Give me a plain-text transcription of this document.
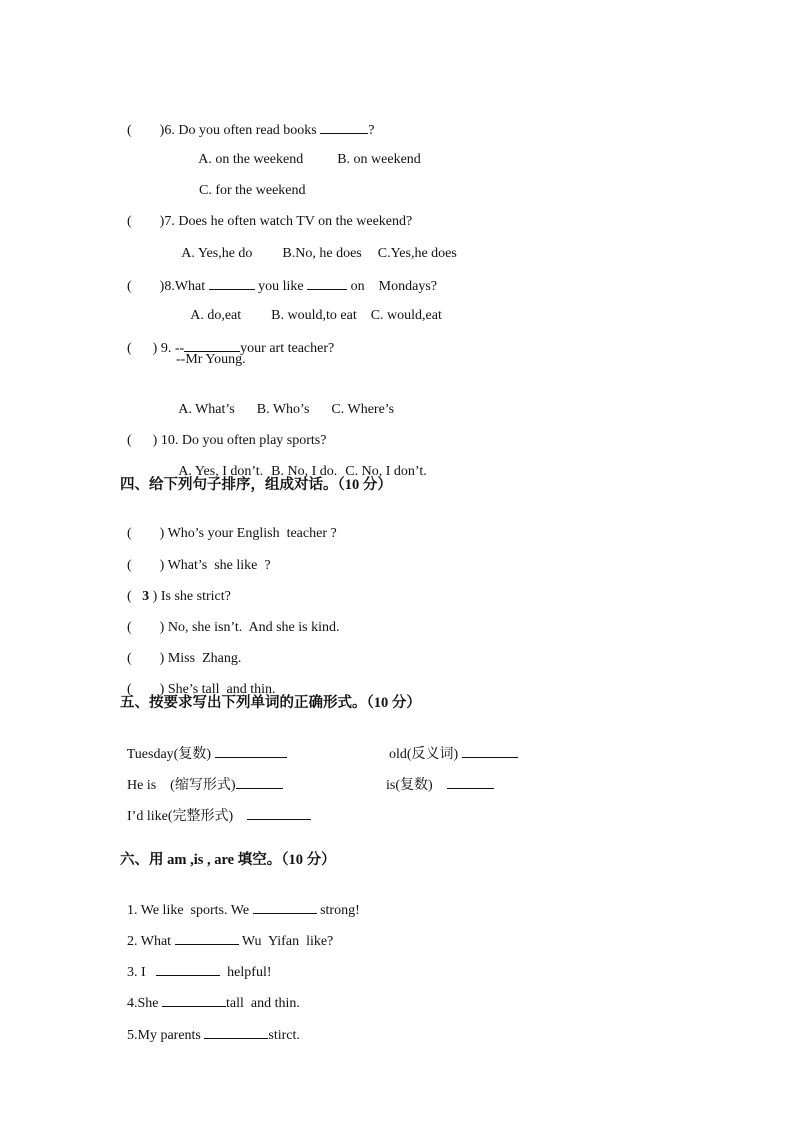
(        )6. Do you often read books	?

A. on the weekend B. on weekend

C. for the weekend

(        )7. Does he often watch TV on the weekend?

A. Yes,he do B.No, he does C.Yes,he does

(        )8.What	you like	on    Mondays?

A. do,eat B. would,to eat C. would,eat

(      ) 9. --	your art teacher?

--Mr Young.

A. What’s B. Who’s C. Where’s

(      ) 10. Do you often play sports?

A. Yes, I don’t. B. No, I do. C. No, I don’t.

四、给下列句子排序，组成对话。（10 分）

(        ) Who’s your English  teacher ?

(        ) What’s  she like  ?

(   3 ) Is she strict?

(        ) No, she isn’t.  And she is kind.

(        ) Miss  Zhang.

(        ) She’s tall  and thin.

五、按要求写出下列单词的正确形式。（10 分）

Tuesday(复数)	old(反义词)

He is    (缩写形式)	is(复数)

I’d like(完整形式)

六、用 am ,is , are 填空。（10 分）

1. We like  sports. We	strong!

2. What	Wu  Yifan  like?

3. I	helpful!

4.She	tall  and thin.

5.My parents	stirct.
